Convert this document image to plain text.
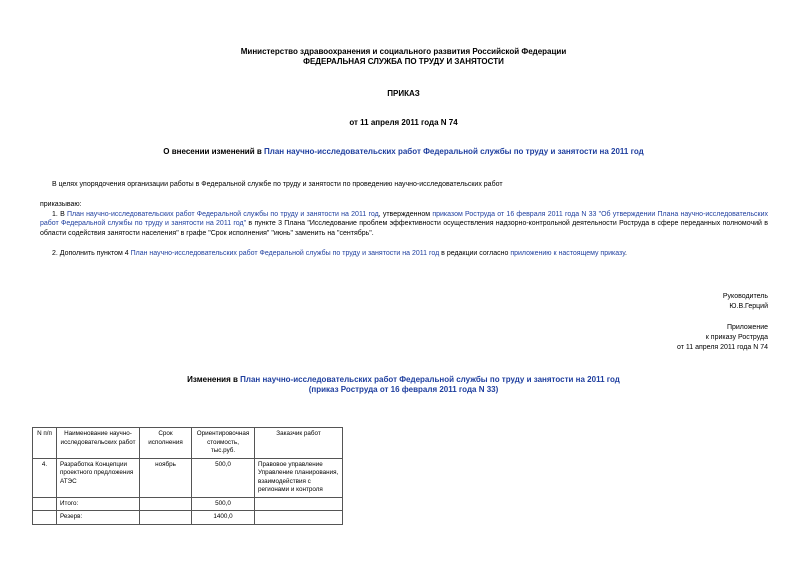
Министерство здравоохранения и социального развития Российской Федерации
ФЕДЕРАЛЬНАЯ СЛУЖБА ПО ТРУДУ И ЗАНЯТОСТИ
ПРИКАЗ
от 11 апреля 2011 года N 74
О внесении изменений в План научно-исследовательских работ Федеральной службы по труду и занятости на 2011 год
В целях упорядочения организации работы в Федеральной службе по труду и занятости по проведению научно-исследовательских работ
приказываю:
1. В План научно-исследовательских работ Федеральной службы по труду и занятости на 2011 год, утвержденном приказом Роструда от 16 февраля 2011 года N 33 "Об утверждении Плана научно-исследовательских работ Федеральной службы по труду и занятости на 2011 год" в пункте 3 Плана "Исследование проблем эффективности осуществления надзорно-контрольной деятельности Роструда в сфере переданных полномочий в области содействия занятости населения" в графе "Срок исполнения" "июнь" заменить на "сентябрь".
2. Дополнить пунктом 4 План научно-исследовательских работ Федеральной службы по труду и занятости на 2011 год в редакции согласно приложению к настоящему приказу.
Руководитель
Ю.В.Герций
Приложение
к приказу Роструда
от 11 апреля 2011 года N 74
Изменения в План научно-исследовательских работ Федеральной службы по труду и занятости на 2011 год
(приказ Роструда от 16 февраля 2011 года N 33)
N п/п	Наименование научно-исследовательских работ	Срок исполнения	Ориентировочная стоимость, тыс.руб.	Заказчик работ
4.	Разработка Концепции проектного предложения АТЭС	ноябрь	500,0	Правовое управление Управление планирования, взаимодействия с регионами и контроля
	Итого:		500,0	
	Резерв:		1400,0	
